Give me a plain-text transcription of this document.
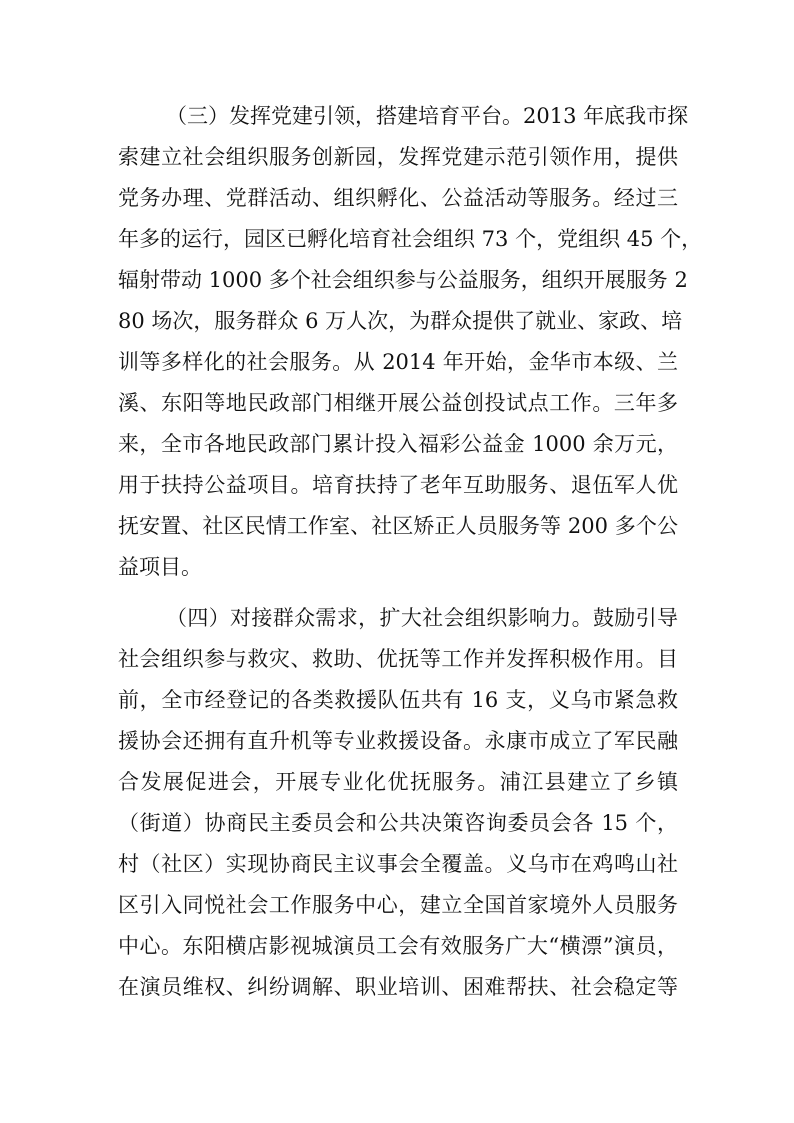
（三）发挥党建引领，搭建培育平台。2013 年底我市探
索建立社会组织服务创新园，发挥党建示范引领作用，提供
党务办理、党群活动、组织孵化、公益活动等服务。经过三
年多的运行，园区已孵化培育社会组织 73 个，党组织 45 个，
辐射带动 1000 多个社会组织参与公益服务，组织开展服务 2
80 场次，服务群众 6 万人次，为群众提供了就业、家政、培
训等多样化的社会服务。从 2014 年开始，金华市本级、兰
溪、东阳等地民政部门相继开展公益创投试点工作。三年多
来，全市各地民政部门累计投入福彩公益金 1000 余万元，
用于扶持公益项目。培育扶持了老年互助服务、退伍军人优
抚安置、社区民情工作室、社区矫正人员服务等 200 多个公
益项目。
（四）对接群众需求，扩大社会组织影响力。鼓励引导
社会组织参与救灾、救助、优抚等工作并发挥积极作用。目
前，全市经登记的各类救援队伍共有 16 支，义乌市紧急救
援协会还拥有直升机等专业救援设备。永康市成立了军民融
合发展促进会，开展专业化优抚服务。浦江县建立了乡镇
（街道）协商民主委员会和公共决策咨询委员会各 15 个，
村（社区）实现协商民主议事会全覆盖。义乌市在鸡鸣山社
区引入同悦社会工作服务中心，建立全国首家境外人员服务
中心。东阳横店影视城演员工会有效服务广大“横漂”演员，
在演员维权、纠纷调解、职业培训、困难帮扶、社会稳定等
